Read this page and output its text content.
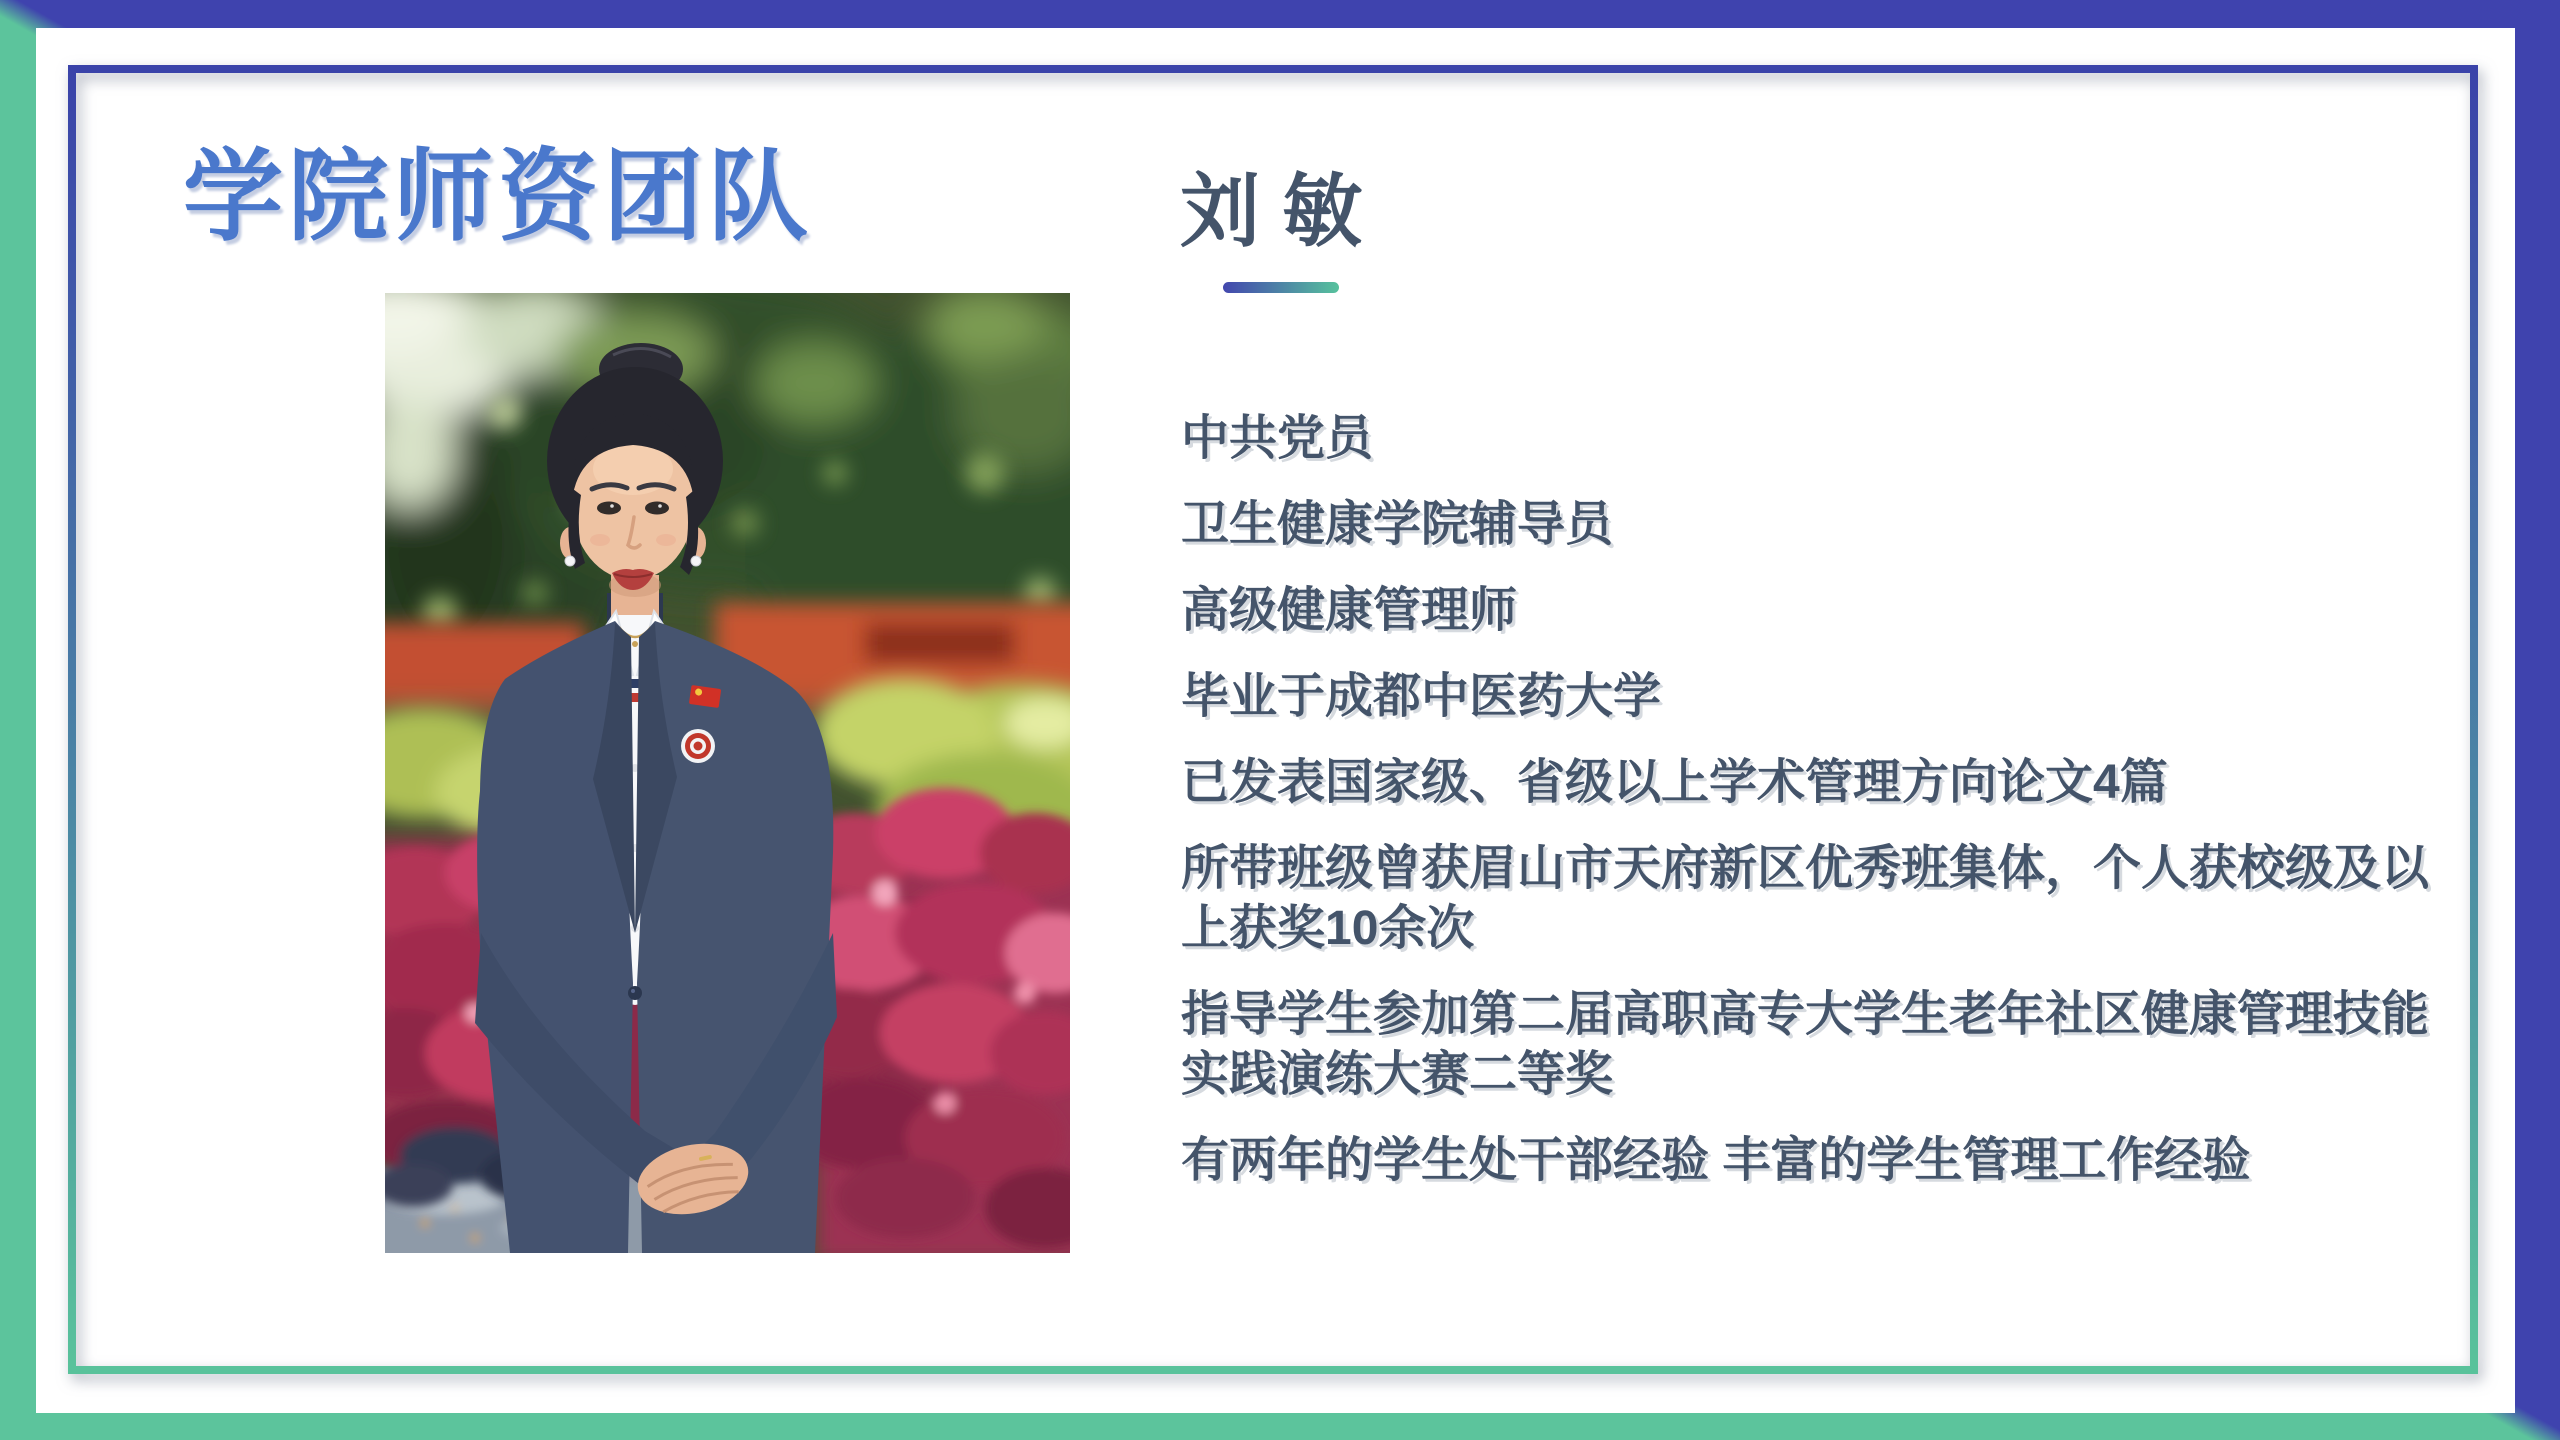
学院师资团队	刘 敏
中共党员
卫生健康学院辅导员
高级健康管理师
毕业于成都中医药大学
已发表国家级、省级以上学术管理方向论文4篇
所带班级曾获眉山市天府新区优秀班集体，个人获校级及以
上获奖10余次
指导学生参加第二届高职高专大学生老年社区健康管理技能
实践演练大赛二等奖
有两年的学生处干部经验 丰富的学生管理工作经验
